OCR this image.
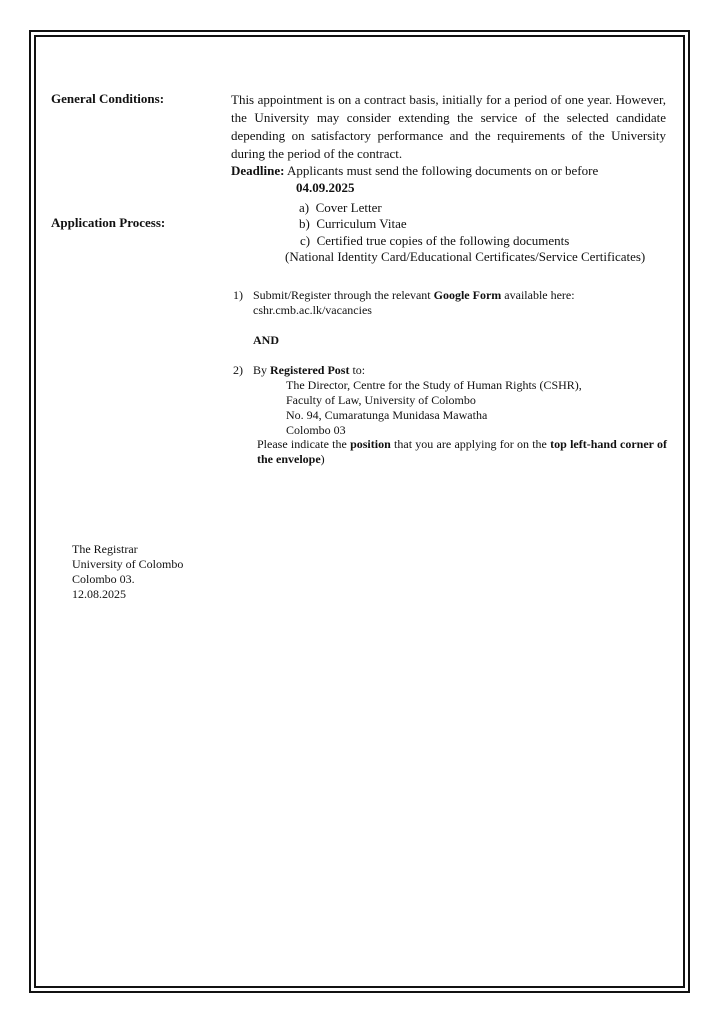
General Conditions:	This appointment is on a contract basis, initially for a period of one year. However, the University may consider extending the service of the selected candidate depending on satisfactory performance and the requirements of the University during the period of the contract.
Deadline: Applicants must send the following documents on or before
04.09.2025
Application Process:
a) Cover Letter
b) Curriculum Vitae
c) Certified true copies of the following documents
(National Identity Card/Educational Certificates/Service Certificates)
1) Submit/Register through the relevant Google Form available here:
cshr.cmb.ac.lk/vacancies
AND
2) By Registered Post to:
The Director, Centre for the Study of Human Rights (CSHR),
Faculty of Law, University of Colombo
No. 94, Cumaratunga Munidasa Mawatha
Colombo 03
Please indicate the position that you are applying for on the top left-hand corner of the envelope)
The Registrar
University of Colombo
Colombo 03.
12.08.2025
